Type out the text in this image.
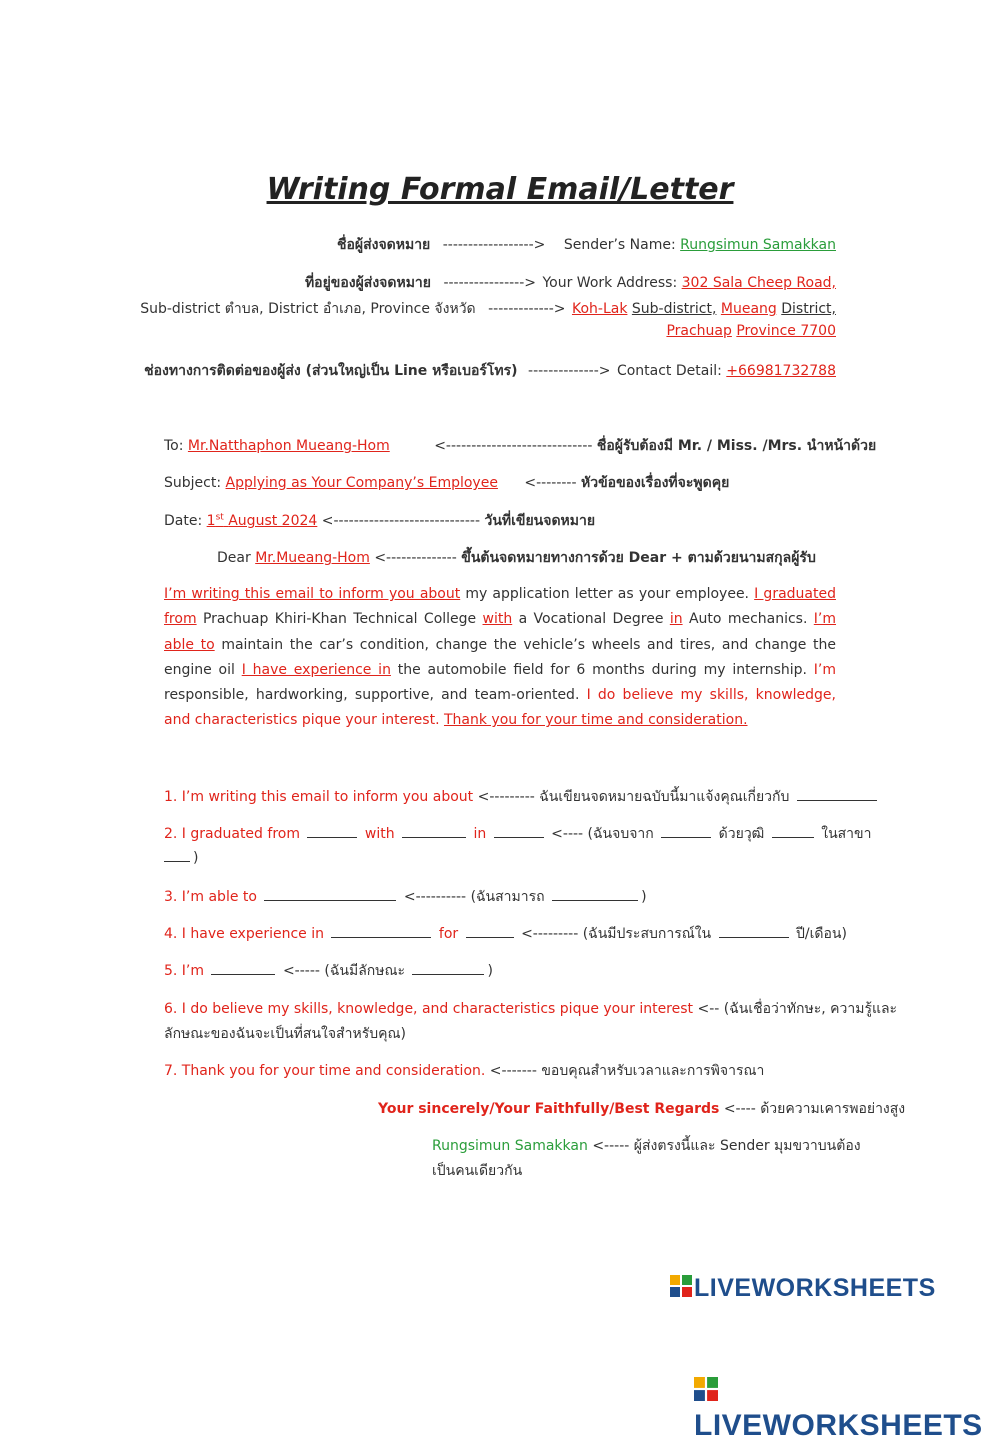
Writing Formal Email/Letter
ชื่อผู้ส่งจดหมาย ------------------> Sender’s Name: Rungsimun Samakkan
ที่อยู่ของผู้ส่งจดหมาย ----------------> Your Work Address: 302 Sala Cheep Road,
Sub-district ตำบล, District อำเภอ, Province จังหวัด -------------> Koh-Lak Sub-district, Mueang District,
Prachuap Province 7700
ช่องทางการติดต่อของผู้ส่ง (ส่วนใหญ่เป็น Line หรือเบอร์โทร) --------------> Contact Detail: +66981732788
To: Mr.Natthaphon Mueang-Hom	<----------------------------- ชื่อผู้รับต้องมี Mr. / Miss. /Mrs. นำหน้าด้วย
Subject: Applying as Your Company’s Employee <-------- หัวข้อของเรื่องที่จะพูดคุย
Date: 1st August 2024 <----------------------------- วันที่เขียนจดหมาย
Dear Mr.Mueang-Hom <-------------- ขึ้นต้นจดหมายทางการด้วย Dear + ตามด้วยนามสกุลผู้รับ
I’m writing this email to inform you about my application letter as your employee. I graduated from Prachuap Khiri-Khan Technical College with a Vocational Degree in Auto mechanics. I’m able to maintain the car’s condition, change the vehicle’s wheels and tires, and change the engine oil I have experience in the automobile field for 6 months during my internship. I’m responsible, hardworking, supportive, and team-oriented. I do believe my skills, knowledge, and characteristics pique your interest. Thank you for your time and consideration.
1. I’m writing this email to inform you about <--------- ฉันเขียนจดหมายฉบับนี้มาแจ้งคุณเกี่ยวกับ
2. I graduated from	with	in	<---- (ฉันจบจาก	ด้วยวุฒิ	ในสาขา
)
3. I’m able to	<---------- (ฉันสามารถ	)
4. I have experience in	for	<--------- (ฉันมีประสบการณ์ใน	ปี/เดือน)
5. I’m	<----- (ฉันมีลักษณะ	)
6. I do believe my skills, knowledge, and characteristics pique your interest <-- (ฉันเชื่อว่าทักษะ, ความรู้และ
ลักษณะของฉันจะเป็นที่สนใจสำหรับคุณ)
7. Thank you for your time and consideration. <------- ขอบคุณสำหรับเวลาและการพิจารณา
Your sincerely/Your Faithfully/Best Regards <---- ด้วยความเคารพอย่างสูง
Rungsimun Samakkan <----- ผู้ส่งตรงนี้และ Sender มุมขวาบนต้อง
เป็นคนเดียวกัน
LIVEWORKSHEETS
LIVEWORKSHEETS
